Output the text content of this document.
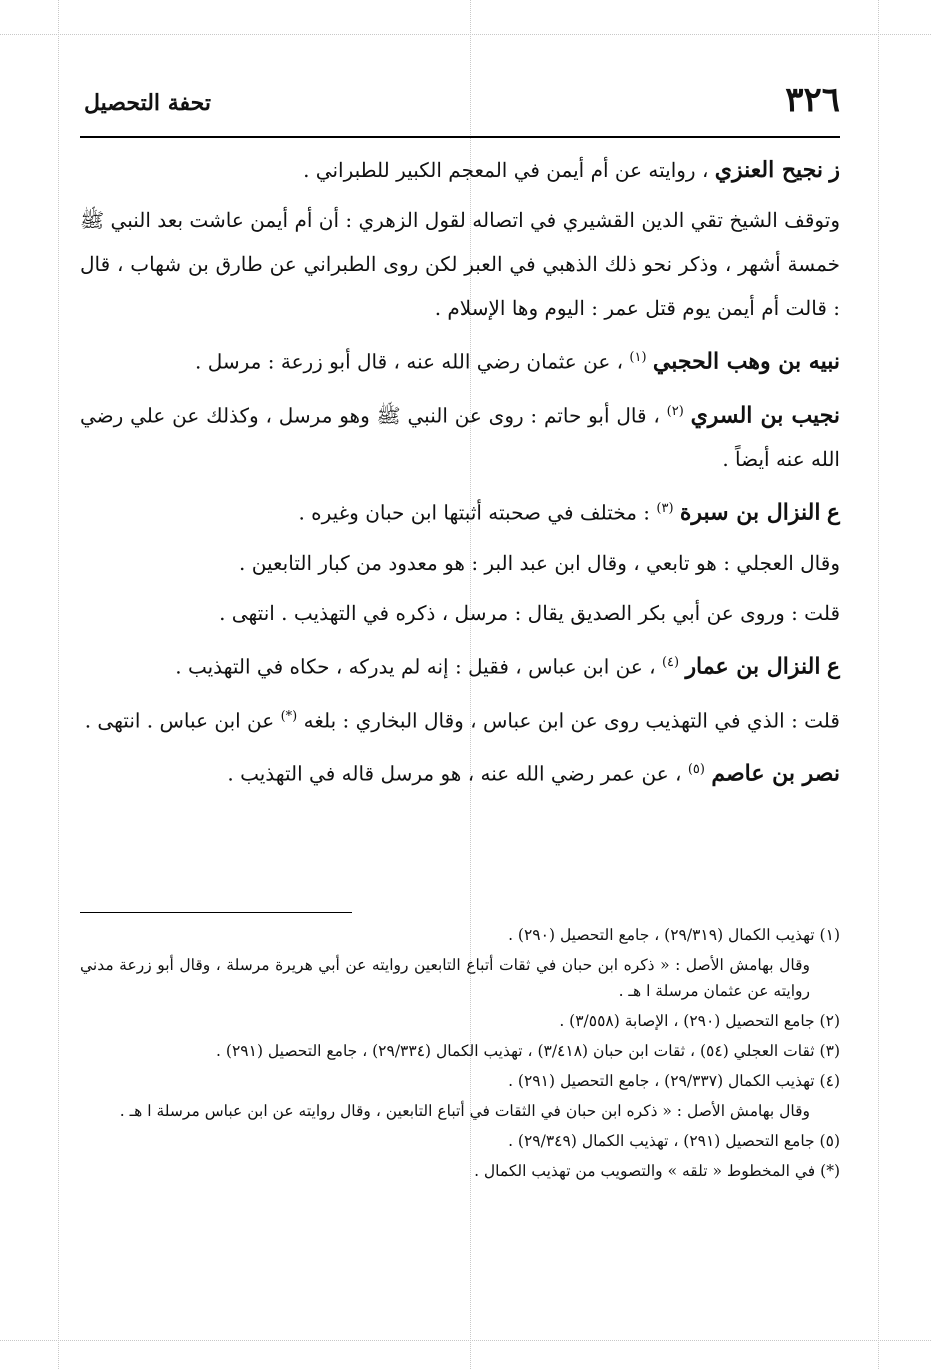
٣٢٦
تحفة التحصيل

ز نجيح العنزي ، روايته عن أم أيمن في المعجم الكبير للطبراني .

وتوقف الشيخ تقي الدين القشيري في اتصاله لقول الزهري : أن أم أيمن عاشت بعد النبي ﷺ خمسة أشهر ، وذكر نحو ذلك الذهبي في العبر لكن روى الطبراني عن طارق بن شهاب ، قال : قالت أم أيمن يوم قتل عمر : اليوم وها الإسلام .

نبيه بن وهب الحجبي $^{(١)}$ ، عن عثمان رضي الله عنه ، قال أبو زرعة : مرسل .

نجيب بن السري $^{(٢)}$ ، قال أبو حاتم : روى عن النبي ﷺ وهو مرسل ، وكذلك عن علي رضي الله عنه أيضاً .

ع النزال بن سبرة $^{(٣)}$ : مختلف في صحبته أثبتها ابن حبان وغيره .

وقال العجلي : هو تابعي ، وقال ابن عبد البر : هو معدود من كبار التابعين .

قلت : وروى عن أبي بكر الصديق يقال : مرسل ، ذكره في التهذيب . انتهى .

ع النزال بن عمار $^{(٤)}$ ، عن ابن عباس ، فقيل : إنه لم يدركه ، حكاه في التهذيب .

قلت : الذي في التهذيب روى عن ابن عباس ، وقال البخاري : بلغه (*) عن ابن عباس . انتهى .

نصر بن عاصم $^{(٥)}$ ، عن عمر رضي الله عنه ، هو مرسل قاله في التهذيب .

(١) تهذيب الكمال (٢٩/٣١٩) ، جامع التحصيل (٢٩٠) .

وقال بهامش الأصل : « ذكره ابن حبان في ثقات أتباع التابعين روايته عن أبي هريرة مرسلة ، وقال أبو زرعة مدني روايته عن عثمان مرسلة ا هـ .

(٢) جامع التحصيل (٢٩٠) ، الإصابة (٣/٥٥٨) .

(٣) ثقات العجلي (٥٤) ، ثقات ابن حبان (٣/٤١٨) ، تهذيب الكمال (٢٩/٣٣٤) ، جامع التحصيل (٢٩١) .

(٤) تهذيب الكمال (٢٩/٣٣٧) ، جامع التحصيل (٢٩١) .

وقال بهامش الأصل : « ذكره ابن حبان في الثقات في أتباع التابعين ، وقال روايته عن ابن عباس مرسلة ا هـ .

(٥) جامع التحصيل (٢٩١) ، تهذيب الكمال (٢٩/٣٤٩) .

(*) في المخطوط « تلقه » والتصويب من تهذيب الكمال .
